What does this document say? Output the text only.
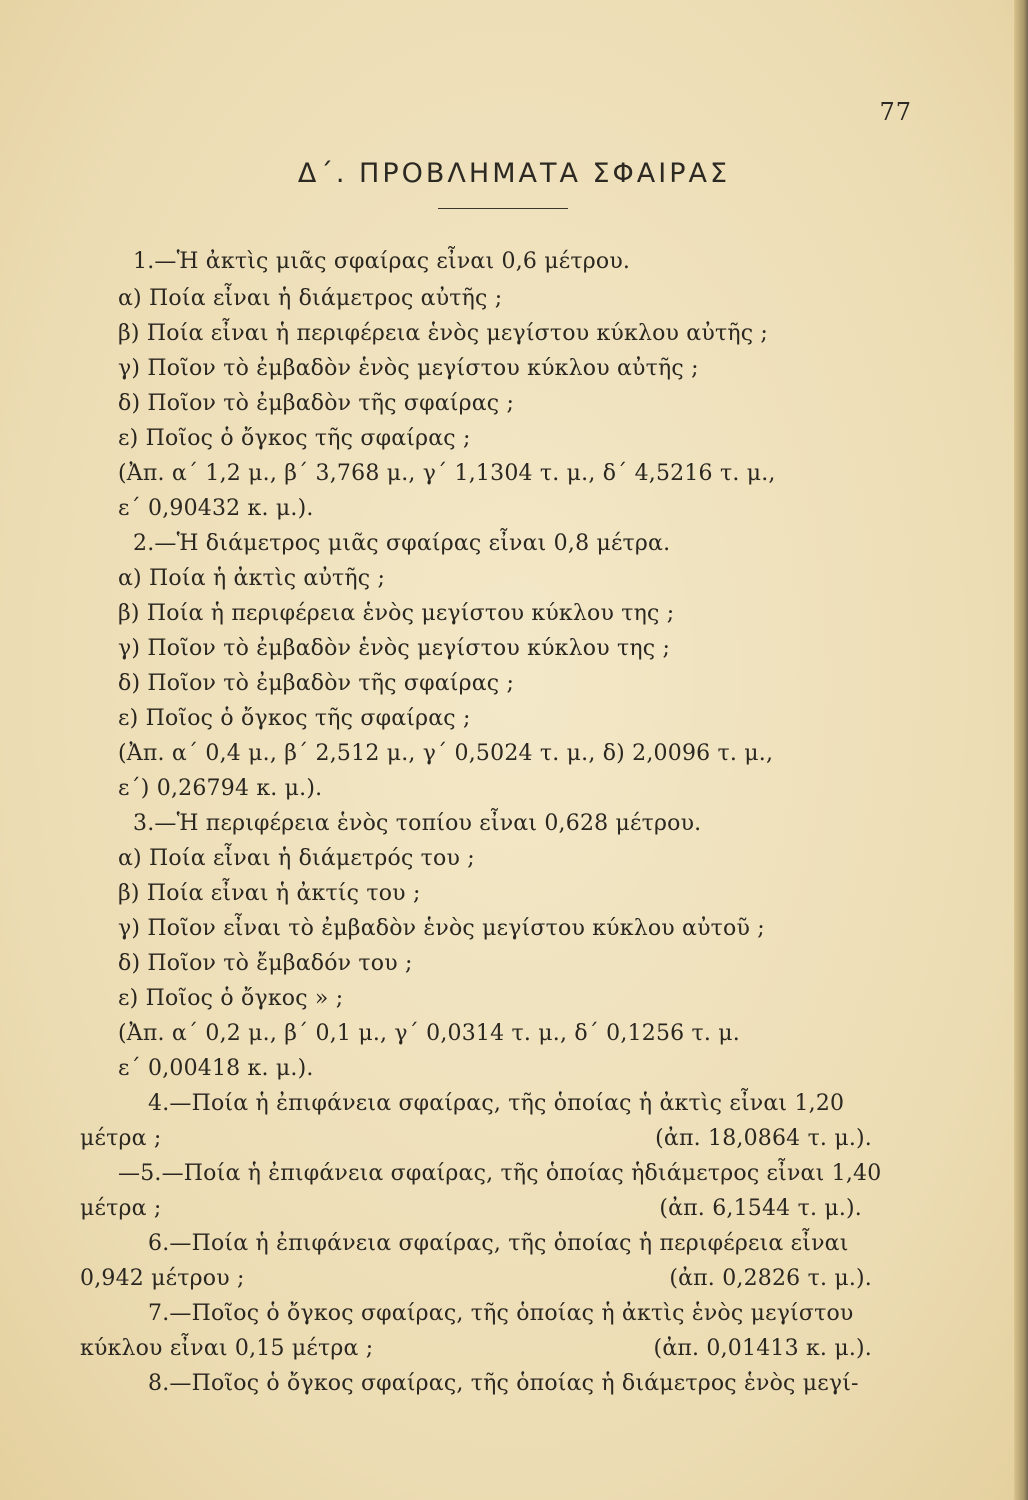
77
Δ΄. ΠΡΟΒΛΗΜΑΤΑ ΣΦΑΙΡΑΣ
1.—Ἡ ἀκτὶς μιᾶς σφαίρας εἶναι 0,6 μέτρου.
α) Ποία εἶναι ἡ διάμετρος αὐτῆς ;
β) Ποία εἶναι ἡ περιφέρεια ἑνὸς μεγίστου κύκλου αὐτῆς ;
γ) Ποῖον τὸ ἐμβαδὸν ἑνὸς μεγίστου κύκλου αὐτῆς ;
δ) Ποῖον τὸ ἐμβαδὸν τῆς σφαίρας ;
ε) Ποῖος ὁ ὄγκος τῆς σφαίρας ;
(Ἀπ. α΄ 1,2 μ., β΄ 3,768 μ., γ΄ 1,1304 τ. μ., δ΄ 4,5216 τ. μ.,
ε΄ 0,90432 κ. μ.).
2.—Ἡ διάμετρος μιᾶς σφαίρας εἶναι 0,8 μέτρα.
α) Ποία ἡ ἀκτὶς αὐτῆς ;
β) Ποία ἡ περιφέρεια ἑνὸς μεγίστου κύκλου της ;
γ) Ποῖον τὸ ἐμβαδὸν ἑνὸς μεγίστου κύκλου της ;
δ) Ποῖον τὸ ἐμβαδὸν τῆς σφαίρας ;
ε) Ποῖος ὁ ὄγκος τῆς σφαίρας ;
(Ἀπ. α΄ 0,4 μ., β΄ 2,512 μ., γ΄ 0,5024 τ. μ., δ) 2,0096 τ. μ.,
ε΄) 0,26794 κ. μ.).
3.—Ἡ περιφέρεια ἑνὸς τοπίου εἶναι 0,628 μέτρου.
α) Ποία εἶναι ἡ διάμετρός του ;
β) Ποία εἶναι ἡ ἀκτίς του ;
γ) Ποῖον εἶναι τὸ ἐμβαδὸν ἑνὸς μεγίστου κύκλου αὐτοῦ ;
δ) Ποῖον τὸ ἔμβαδόν του ;
ε) Ποῖος ὁ ὄγκος » ;
(Ἀπ. α΄ 0,2 μ., β΄ 0,1 μ., γ΄ 0,0314 τ. μ., δ΄ 0,1256 τ. μ.
ε΄ 0,00418 κ. μ.).
4.—Ποία ἡ ἐπιφάνεια σφαίρας, τῆς ὁποίας ἡ ἀκτὶς εἶναι 1,20
μέτρα ;	(ἀπ. 18,0864 τ. μ.).
—5.—Ποία ἡ ἐπιφάνεια σφαίρας, τῆς ὁποίας ἡδιάμετρος εἶναι 1,40
μέτρα ;	(ἀπ. 6,1544 τ. μ.).
6.—Ποία ἡ ἐπιφάνεια σφαίρας, τῆς ὁποίας ἡ περιφέρεια εἶναι
0,942 μέτρου ;	(ἀπ. 0,2826 τ. μ.).
7.—Ποῖος ὁ ὄγκος σφαίρας, τῆς ὁποίας ἡ ἀκτὶς ἑνὸς μεγίστου
κύκλου εἶναι 0,15 μέτρα ;	(ἀπ. 0,01413 κ. μ.).
8.—Ποῖος ὁ ὄγκος σφαίρας, τῆς ὁποίας ἡ διάμετρος ἑνὸς μεγί-
